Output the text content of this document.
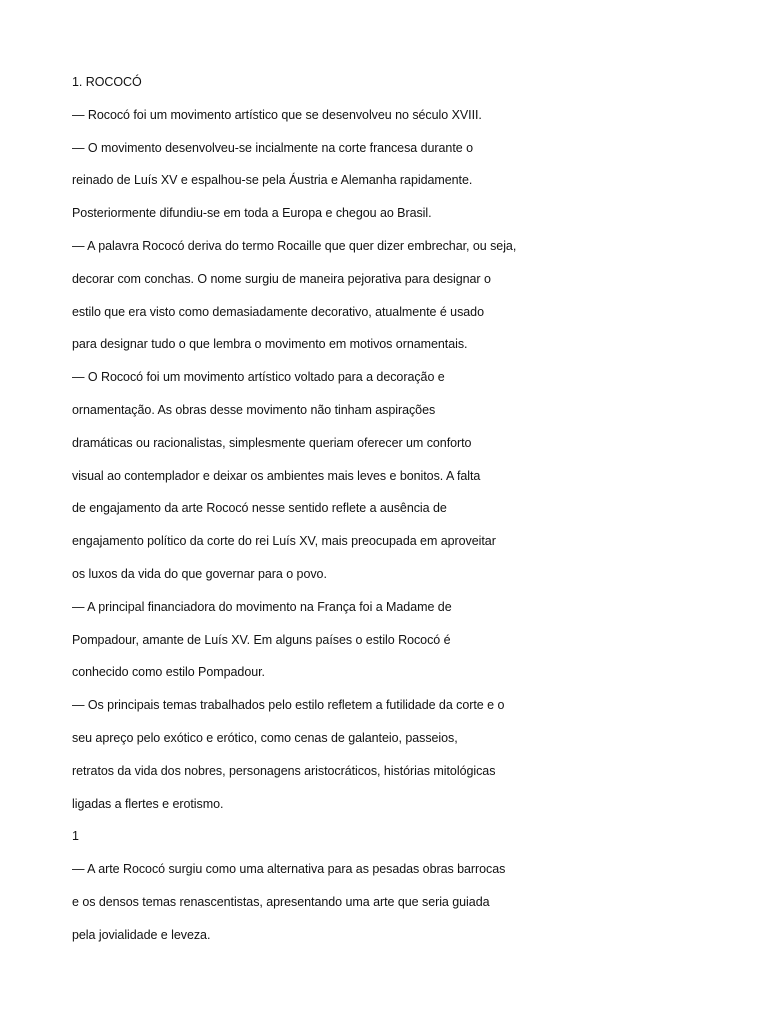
1. ROCOCÓ
— Rococó foi um movimento artístico que se desenvolveu no século XVIII.
— O movimento desenvolveu-se incialmente na corte francesa durante o
reinado de Luís XV e espalhou-se pela Áustria e Alemanha rapidamente.
Posteriormente difundiu-se em toda a Europa e chegou ao Brasil.
— A palavra Rococó deriva do termo Rocaille que quer dizer embrechar, ou seja,
decorar com conchas. O nome surgiu de maneira pejorativa para designar o
estilo que era visto como demasiadamente decorativo, atualmente é usado
para designar tudo o que lembra o movimento em motivos ornamentais.
— O Rococó foi um movimento artístico voltado para a decoração e
ornamentação. As obras desse movimento não tinham aspirações
dramáticas ou racionalistas, simplesmente queriam oferecer um conforto
visual ao contemplador e deixar os ambientes mais leves e bonitos. A falta
de engajamento da arte Rococó nesse sentido reflete a ausência de
engajamento político da corte do rei Luís XV, mais preocupada em aproveitar
os luxos da vida do que governar para o povo.
— A principal financiadora do movimento na França foi a Madame de
Pompadour, amante de Luís XV. Em alguns países o estilo Rococó é
conhecido como estilo Pompadour.
— Os principais temas trabalhados pelo estilo refletem a futilidade da corte e o
seu apreço pelo exótico e erótico, como cenas de galanteio, passeios,
retratos da vida dos nobres, personagens aristocráticos, histórias mitológicas
ligadas a flertes e erotismo.
1
— A arte Rococó surgiu como uma alternativa para as pesadas obras barrocas
e os densos temas renascentistas, apresentando uma arte que seria guiada
pela jovialidade e leveza.
